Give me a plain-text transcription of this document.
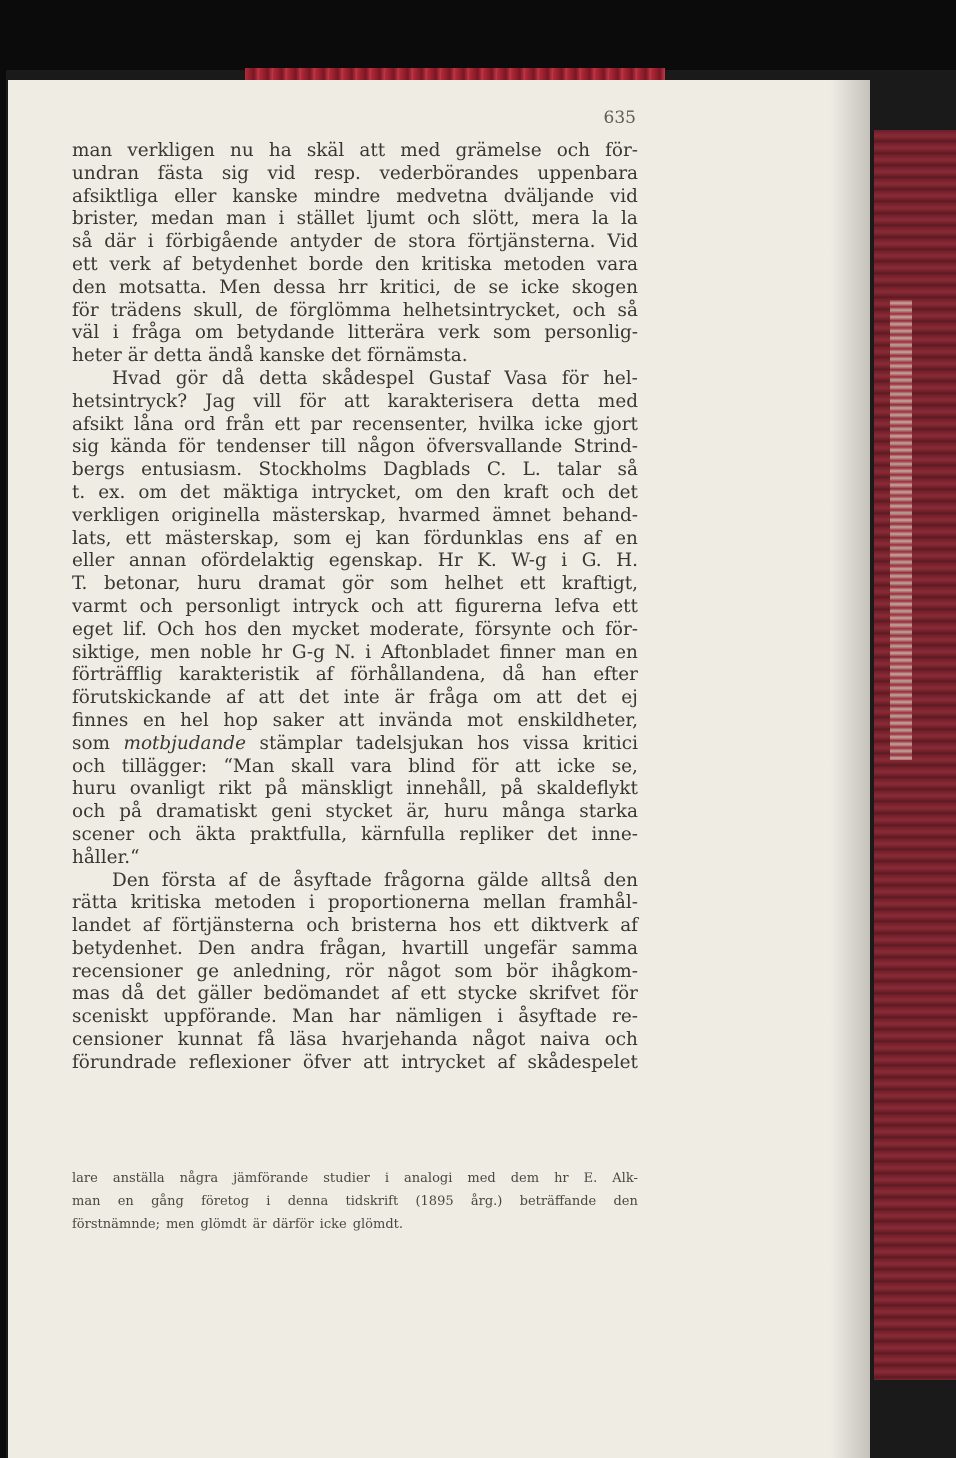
635
man verkligen nu ha skäl att med grämelse och för-
undran fästa sig vid resp. vederbörandes uppenbara
afsiktliga eller kanske mindre medvetna dväljande vid
brister, medan man i stället ljumt och slött, mera la la
så där i förbigående antyder de stora förtjänsterna. Vid
ett verk af betydenhet borde den kritiska metoden vara
den motsatta. Men dessa hrr kritici, de se icke skogen
för trädens skull, de förglömma helhetsintrycket, och så
väl i fråga om betydande litterära verk som personlig-
heter är detta ändå kanske det förnämsta.
Hvad gör då detta skådespel Gustaf Vasa för hel-
hetsintryck? Jag vill för att karakterisera detta med
afsikt låna ord från ett par recensenter, hvilka icke gjort
sig kända för tendenser till någon öfversvallande Strind-
bergs entusiasm. Stockholms Dagblads C. L. talar så
t. ex. om det mäktiga intrycket, om den kraft och det
verkligen originella mästerskap, hvarmed ämnet behand-
lats, ett mästerskap, som ej kan fördunklas ens af en
eller annan ofördelaktig egenskap. Hr K. W-g i G. H.
T. betonar, huru dramat gör som helhet ett kraftigt,
varmt och personligt intryck och att figurerna lefva ett
eget lif. Och hos den mycket moderate, försynte och för-
siktige, men noble hr G-g N. i Aftonbladet finner man en
förträfflig karakteristik af förhållandena, då han efter
förutskickande af att det inte är fråga om att det ej
finnes en hel hop saker att invända mot enskildheter,
som motbjudande stämplar tadelsjukan hos vissa kritici
och tillägger: “Man skall vara blind för att icke se,
huru ovanligt rikt på mänskligt innehåll, på skaldeflykt
och på dramatiskt geni stycket är, huru många starka
scener och äkta praktfulla, kärnfulla repliker det inne-
håller.“
Den första af de åsyftade frågorna gälde alltså den
rätta kritiska metoden i proportionerna mellan framhål-
landet af förtjänsterna och bristerna hos ett diktverk af
betydenhet. Den andra frågan, hvartill ungefär samma
recensioner ge anledning, rör något som bör ihågkom-
mas då det gäller bedömandet af ett stycke skrifvet för
sceniskt uppförande. Man har nämligen i åsyftade re-
censioner kunnat få läsa hvarjehanda något naiva och
förundrade reflexioner öfver att intrycket af skådespelet
lare anställa några jämförande studier i analogi med dem hr E. Alk-
man en gång företog i denna tidskrift (1895 årg.) beträffande den
förstnämnde; men glömdt är därför icke glömdt.
